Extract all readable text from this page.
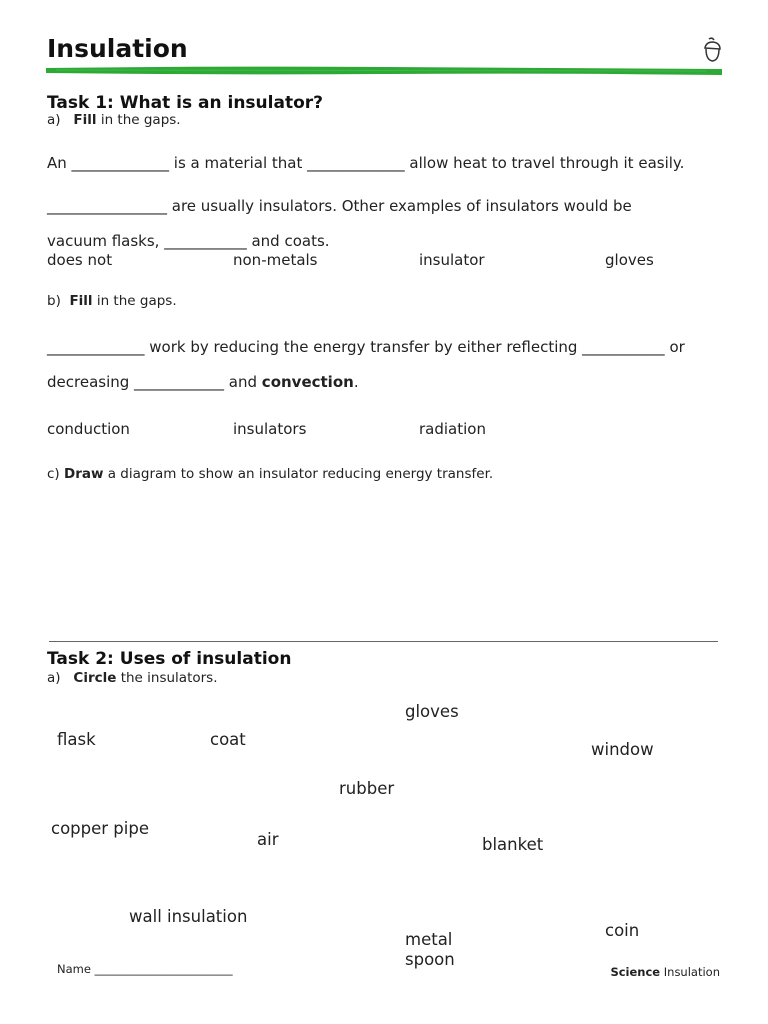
Insulation
Task 1: What is an insulator?
a) Fill in the gaps.
An _____________ is a material that _____________ allow heat to travel through it easily.
________________ are usually insulators. Other examples of insulators would be
vacuum flasks, ___________ and coats.
does not	non-metals	insulator	gloves
b) Fill in the gaps.
_____________ work by reducing the energy transfer by either reflecting ___________ or
decreasing ____________ and convection.
conduction	insulators	radiation
c) Draw a diagram to show an insulator reducing energy transfer.
Task 2: Uses of insulation
a) Circle the insulators.
gloves
flask	coat
window
rubber
copper pipe
air	blanket
wall insulation
metal
spoon
coin
Name ________________________	Science Insulation
